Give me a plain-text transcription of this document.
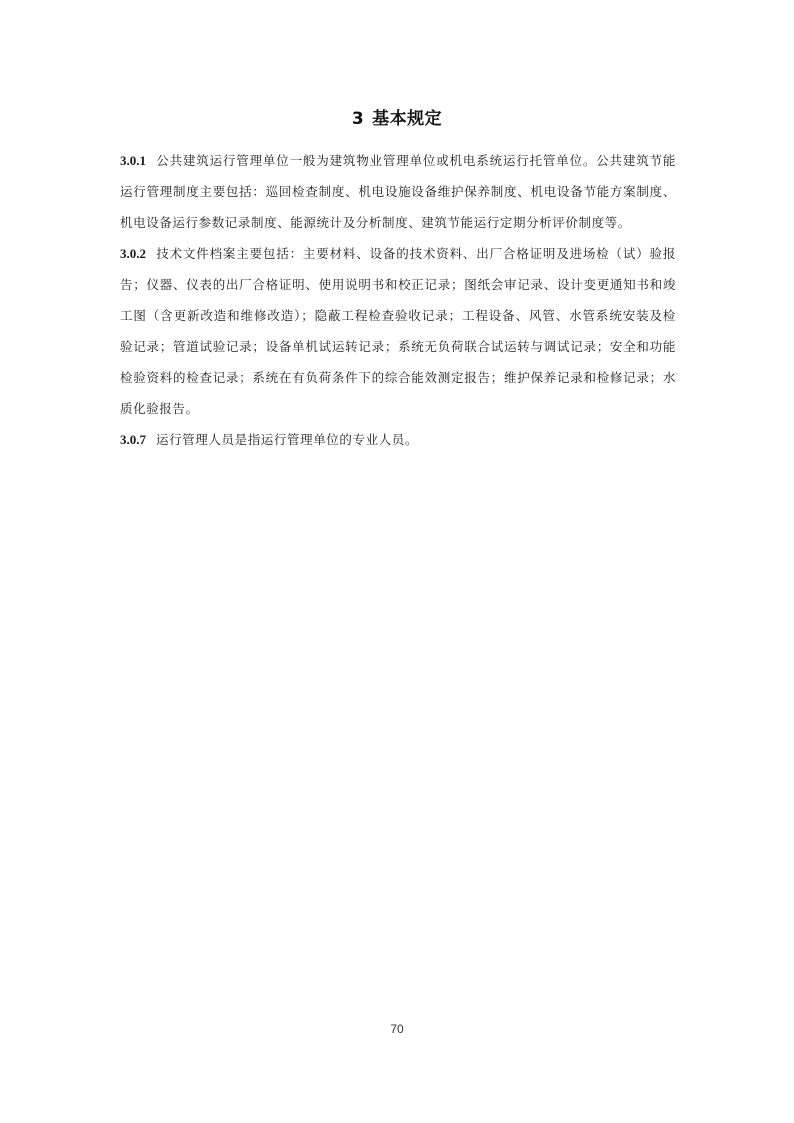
3 基本规定

3.0.1 公共建筑运行管理单位一般为建筑物业管理单位或机电系统运行托管单位。公共建筑节能运行管理制度主要包括：巡回检查制度、机电设施设备维护保养制度、机电设备节能方案制度、机电设备运行参数记录制度、能源统计及分析制度、建筑节能运行定期分析评价制度等。

3.0.2 技术文件档案主要包括：主要材料、设备的技术资料、出厂合格证明及进场检（试）验报告；仪器、仪表的出厂合格证明、使用说明书和校正记录；图纸会审记录、设计变更通知书和竣工图（含更新改造和维修改造）；隐蔽工程检查验收记录；工程设备、风管、水管系统安装及检验记录；管道试验记录；设备单机试运转记录；系统无负荷联合试运转与调试记录；安全和功能检验资料的检查记录；系统在有负荷条件下的综合能效测定报告；维护保养记录和检修记录；水质化验报告。

3.0.7 运行管理人员是指运行管理单位的专业人员。

70
